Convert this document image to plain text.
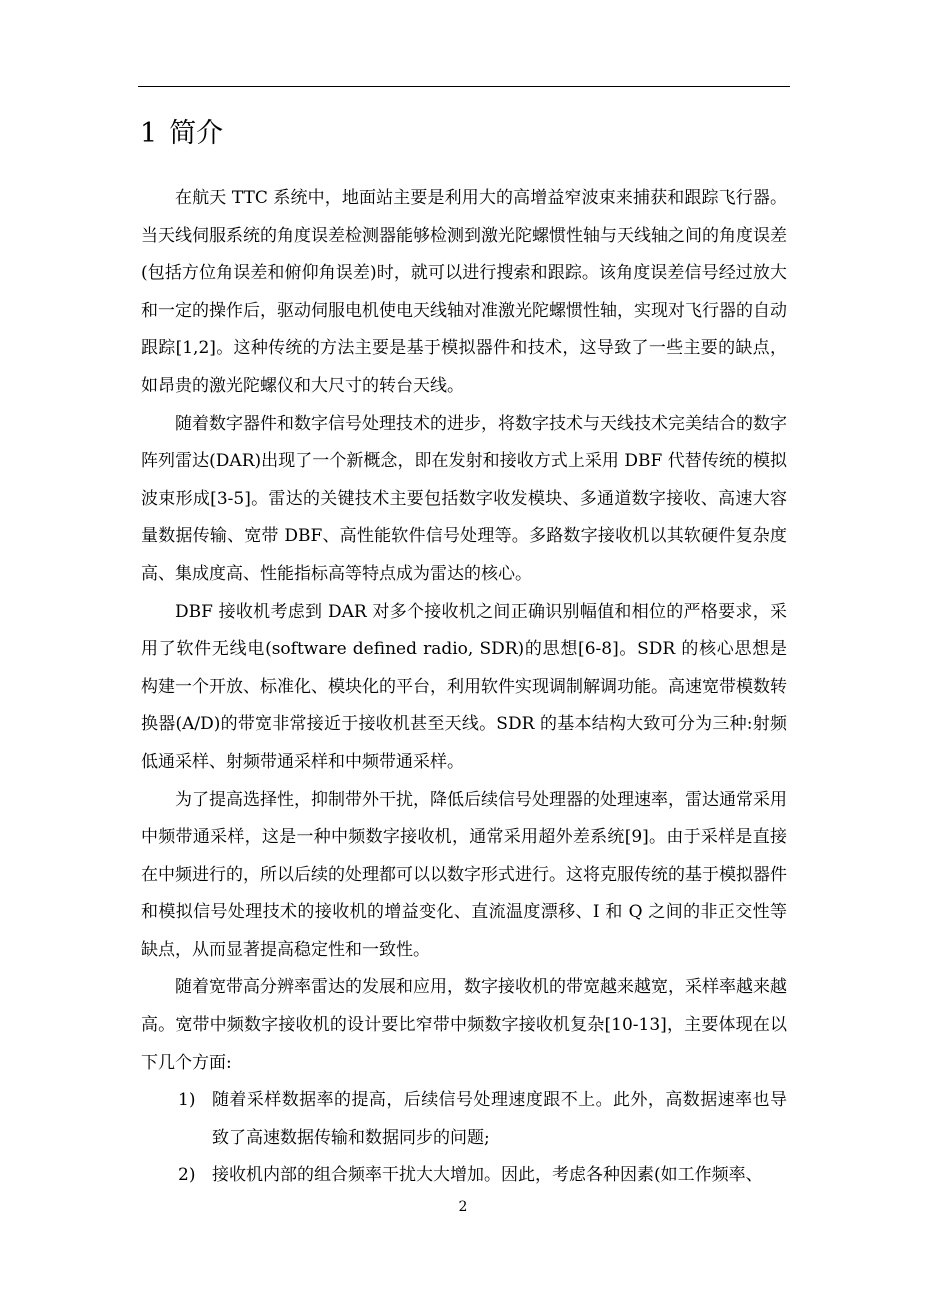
1 简介

在航天 TTC 系统中，地面站主要是利用大的高增益窄波束来捕获和跟踪飞行器。当天线伺服系统的角度误差检测器能够检测到激光陀螺惯性轴与天线轴之间的角度误差(包括方位角误差和俯仰角误差)时，就可以进行搜索和跟踪。该角度误差信号经过放大和一定的操作后，驱动伺服电机使电天线轴对准激光陀螺惯性轴，实现对飞行器的自动跟踪[1,2]。这种传统的方法主要是基于模拟器件和技术，这导致了一些主要的缺点，如昂贵的激光陀螺仪和大尺寸的转台天线。

随着数字器件和数字信号处理技术的进步，将数字技术与天线技术完美结合的数字阵列雷达(DAR)出现了一个新概念，即在发射和接收方式上采用 DBF 代替传统的模拟波束形成[3-5]。雷达的关键技术主要包括数字收发模块、多通道数字接收、高速大容量数据传输、宽带 DBF、高性能软件信号处理等。多路数字接收机以其软硬件复杂度高、集成度高、性能指标高等特点成为雷达的核心。

DBF 接收机考虑到 DAR 对多个接收机之间正确识别幅值和相位的严格要求，采用了软件无线电(software defined radio, SDR)的思想[6-8]。SDR 的核心思想是构建一个开放、标准化、模块化的平台，利用软件实现调制解调功能。高速宽带模数转换器(A/D)的带宽非常接近于接收机甚至天线。SDR 的基本结构大致可分为三种:射频低通采样、射频带通采样和中频带通采样。

为了提高选择性，抑制带外干扰，降低后续信号处理器的处理速率，雷达通常采用中频带通采样，这是一种中频数字接收机，通常采用超外差系统[9]。由于采样是直接在中频进行的，所以后续的处理都可以以数字形式进行。这将克服传统的基于模拟器件和模拟信号处理技术的接收机的增益变化、直流温度漂移、I 和 Q 之间的非正交性等缺点，从而显著提高稳定性和一致性。

随着宽带高分辨率雷达的发展和应用，数字接收机的带宽越来越宽，采样率越来越高。宽带中频数字接收机的设计要比窄带中频数字接收机复杂[10-13]，主要体现在以下几个方面:

1) 随着采样数据率的提高，后续信号处理速度跟不上。此外，高数据速率也导致了高速数据传输和数据同步的问题;
2) 接收机内部的组合频率干扰大大增加。因此，考虑各种因素(如工作频率、
2
